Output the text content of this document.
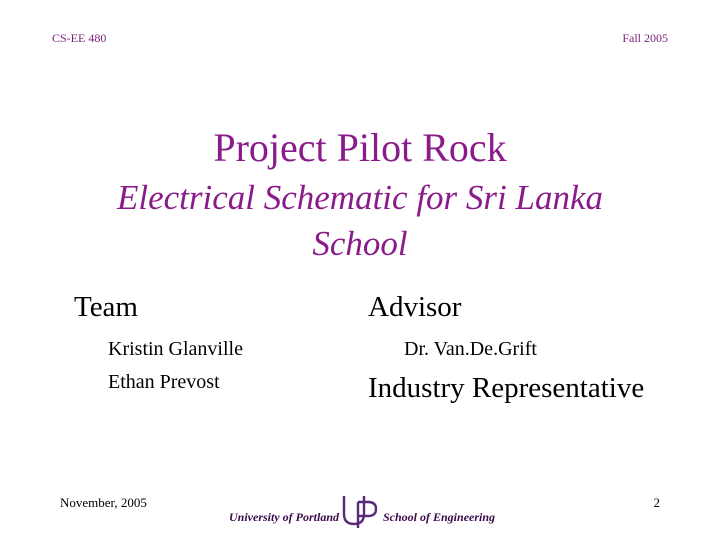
CS-EE 480	Fall 2005
Project Pilot Rock
Electrical Schematic for Sri Lanka
School
Team
Kristin Glanville
Ethan Prevost
Advisor
Dr. Van.De.Grift
Industry Representative
November, 2005
University of Portland	School of Engineering
2
